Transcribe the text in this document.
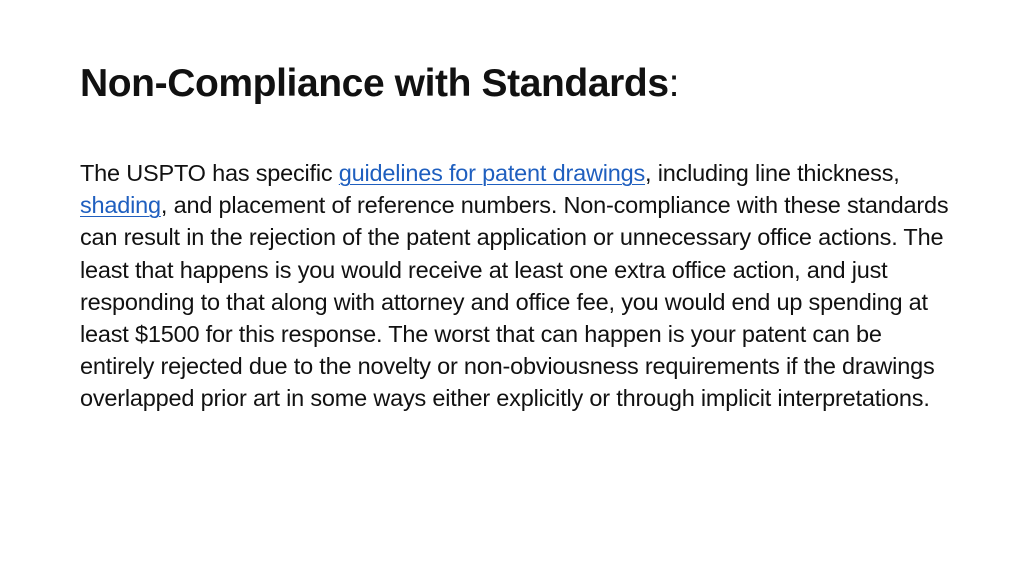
Non-Compliance with Standards:

The USPTO has specific guidelines for patent drawings, including line thickness, shading, and placement of reference numbers. Non-compliance with these standards can result in the rejection of the patent application or unnecessary office actions. The least that happens is you would receive at least one extra office action, and just responding to that along with attorney and office fee, you would end up spending at least $1500 for this response. The worst that can happen is your patent can be entirely rejected due to the novelty or non-obviousness requirements if the drawings overlapped prior art in some ways either explicitly or through implicit interpretations.
